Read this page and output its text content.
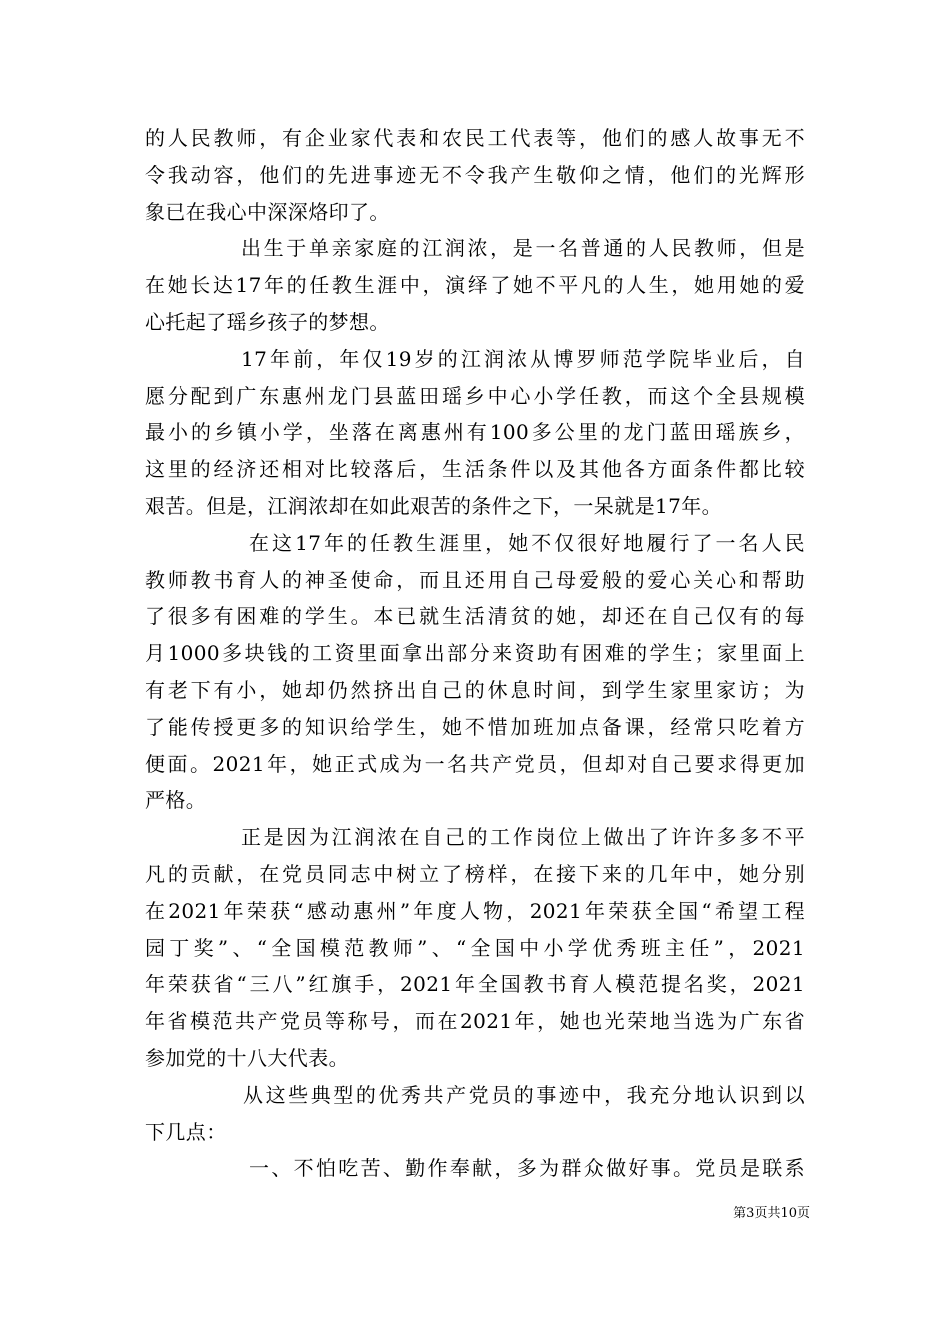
的人民教师，有企业家代表和农民工代表等，他们的感人故事无不
令我动容，他们的先进事迹无不令我产生敬仰之情，他们的光辉形
象已在我心中深深烙印了。
出生于单亲家庭的江润浓，是一名普通的人民教师，但是
在她长达17年的任教生涯中，演绎了她不平凡的人生，她用她的爱
心托起了瑶乡孩子的梦想。
17年前，年仅19岁的江润浓从博罗师范学院毕业后，自
愿分配到广东惠州龙门县蓝田瑶乡中心小学任教，而这个全县规模
最小的乡镇小学，坐落在离惠州有100多公里的龙门蓝田瑶族乡，
这里的经济还相对比较落后，生活条件以及其他各方面条件都比较
艰苦。但是，江润浓却在如此艰苦的条件之下，一呆就是17年。
在这17年的任教生涯里，她不仅很好地履行了一名人民
教师教书育人的神圣使命，而且还用自己母爱般的爱心关心和帮助
了很多有困难的学生。本已就生活清贫的她，却还在自己仅有的每
月1000多块钱的工资里面拿出部分来资助有困难的学生；家里面上
有老下有小，她却仍然挤出自己的休息时间，到学生家里家访；为
了能传授更多的知识给学生，她不惜加班加点备课，经常只吃着方
便面。2021年，她正式成为一名共产党员，但却对自己要求得更加
严格。
正是因为江润浓在自己的工作岗位上做出了许许多多不平
凡的贡献，在党员同志中树立了榜样，在接下来的几年中，她分别
在2021年荣获“感动惠州”年度人物，2021年荣获全国“希望工程
园丁奖”、“全国模范教师”、“全国中小学优秀班主任”，2021
年荣获省“三八”红旗手，2021年全国教书育人模范提名奖，2021
年省模范共产党员等称号，而在2021年，她也光荣地当选为广东省
参加党的十八大代表。
从这些典型的优秀共产党员的事迹中，我充分地认识到以
下几点：
一、不怕吃苦、勤作奉献，多为群众做好事。党员是联系
第3页共10页
